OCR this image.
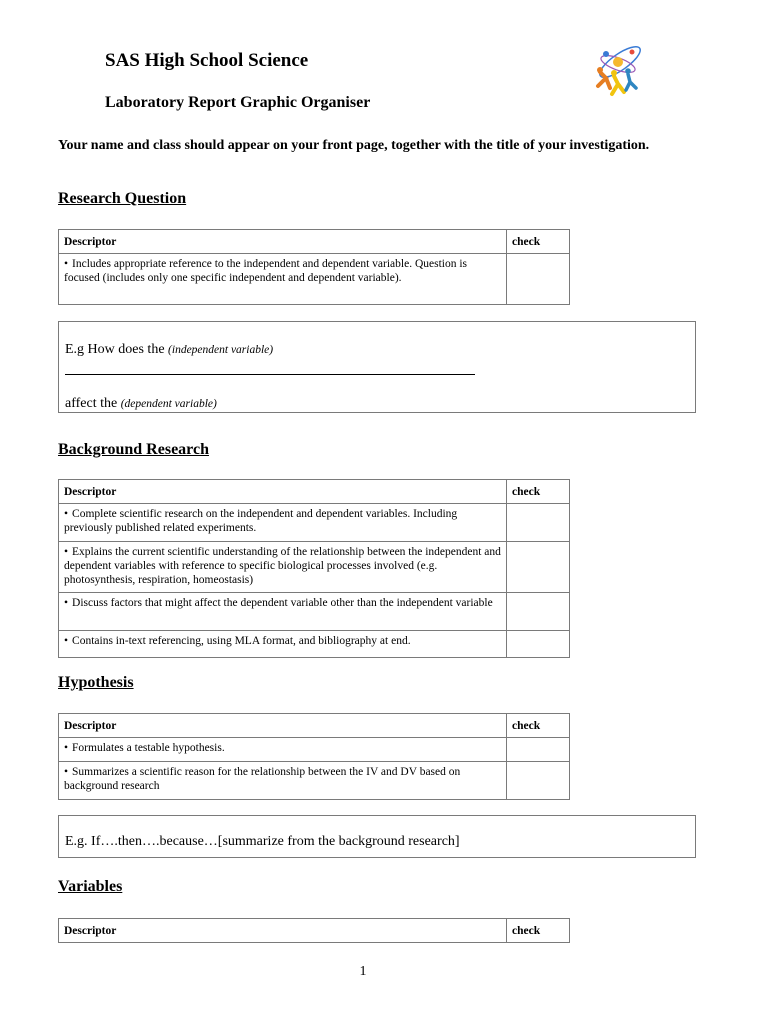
SAS High School Science
Laboratory Report Graphic Organiser
Your name and class should appear on your front page, together with the title of your investigation.
Research Question
Descriptor	check
• Includes appropriate reference to the independent and dependent variable. Question is focused (includes only one specific independent and dependent variable).	
E.g How does the (independent variable)
affect the (dependent variable)
Background Research
Descriptor	check
• Complete scientific research on the independent and dependent variables. Including previously published related experiments.	
• Explains the current scientific understanding of the relationship between the independent and dependent variables with reference to specific biological processes involved (e.g. photosynthesis, respiration, homeostasis)	
• Discuss factors that might affect the dependent variable other than the independent variable	
• Contains in-text referencing, using MLA format, and bibliography at end.	
Hypothesis
Descriptor	check
• Formulates a testable hypothesis.	
• Summarizes a scientific reason for the relationship between the IV and DV based on background research	
E.g. If….then….because…[summarize from the background research]
Variables
Descriptor	check
1
